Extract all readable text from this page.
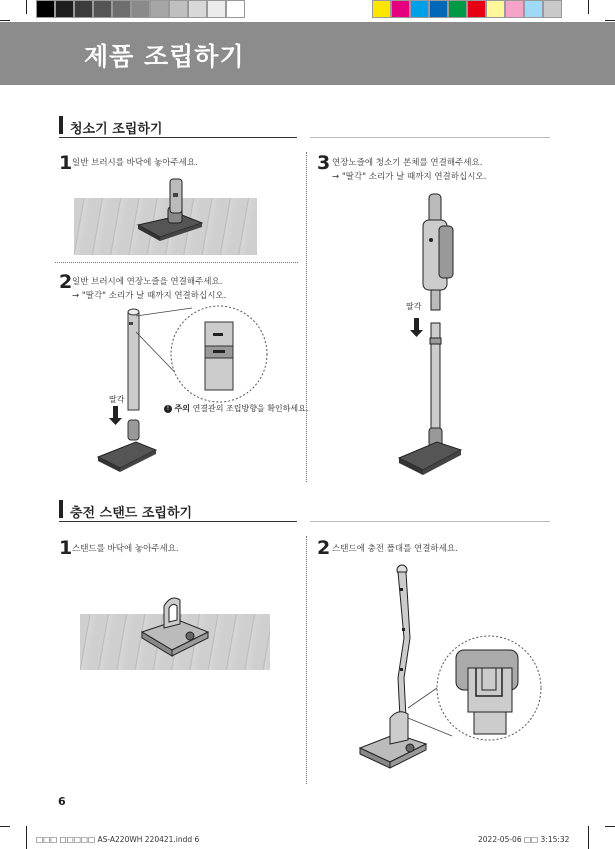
제품 조립하기
청소기 조립하기
1 일반 브러시를 바닥에 놓아주세요.
2 일반 브러시에 연장노즐을 연결해주세요.
→ "딸각" 소리가 날 때까지 연결하십시오.
딸각
! 주의 연결관의 조립방향을 확인하세요.
3 연장노즐에 청소기 본체를 연결해주세요.
→ "딸각" 소리가 날 때까지 연결하십시오.
딸각
충전 스탠드 조립하기
1 스탠드를 바닥에 놓아주세요.	2 스탠드에 충전 폴대를 연결하세요.
6
□□□ □□□□□ AS-A220WH 220421.indd 6	2022-05-06 □□ 3:15:32
